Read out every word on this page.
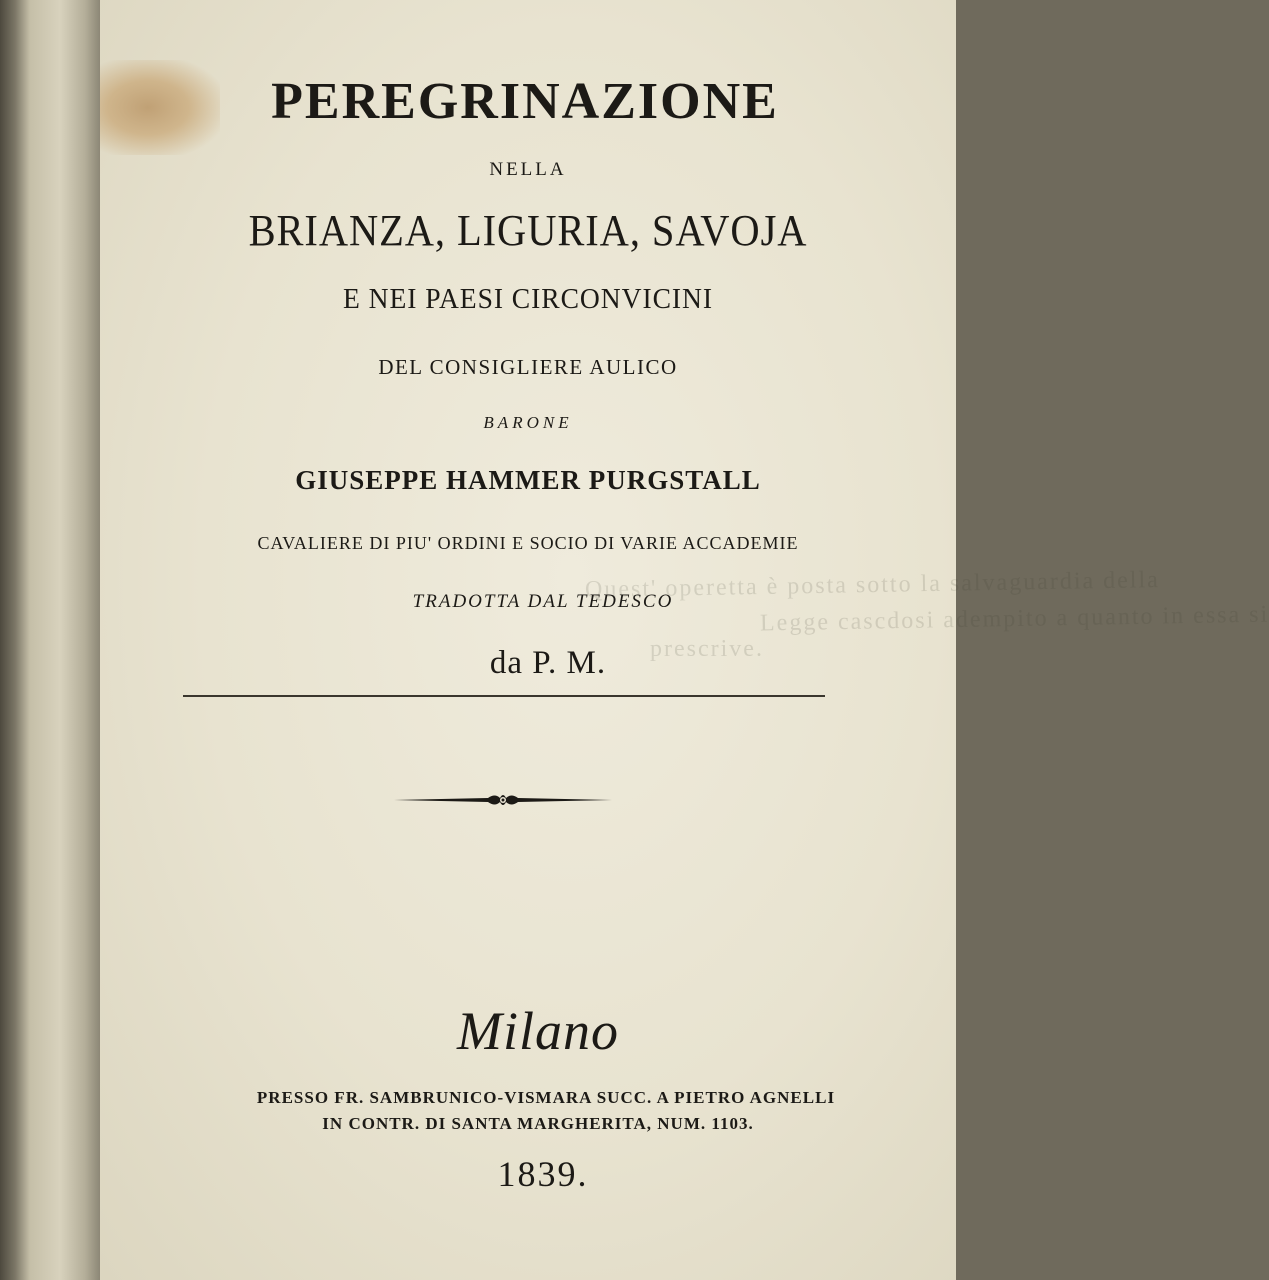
Quest' operetta è posta sotto la salvaguardia della
Legge cascdosi adempito a quanto in essa si
prescrive.
PEREGRINAZIONE
NELLA
BRIANZA, LIGURIA, SAVOJA
E NEI PAESI CIRCONVICINI
DEL CONSIGLIERE AULICO
BARONE
GIUSEPPE HAMMER PURGSTALL
CAVALIERE DI PIU' ORDINI E SOCIO DI VARIE ACCADEMIE
TRADOTTA DAL TEDESCO
da P. M.
Milano
PRESSO FR. SAMBRUNICO-VISMARA SUCC. A PIETRO AGNELLI
IN CONTR. DI SANTA MARGHERITA, NUM. 1103.
1839.
